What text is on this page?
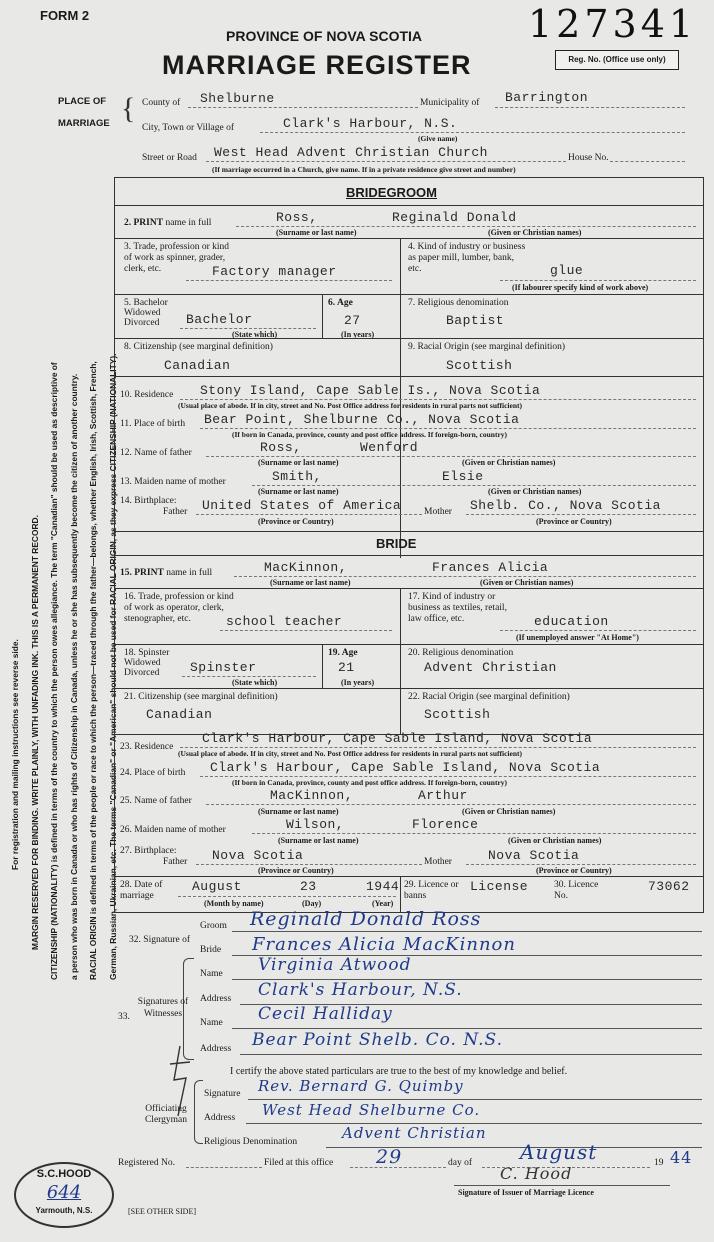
FORM 2
PROVINCE OF NOVA SCOTIA
MARRIAGE REGISTER
127341
Reg. No. (Office use only)
PLACE OF
MARRIAGE { County of Shelburne	Municipality of Barrington
City, Town or Village of	Clark's Harbour, N.S.
(Give name)
Street or Road West Head Advent Christian Church	House No.
(If marriage occurred in a Church, give name. If in a private residence give street and number)
For registration and mailing instructions see reverse side.	MARGIN RESERVED FOR BINDING. WRITE PLAINLY, WITH UNFADING INK. THIS IS A PERMANENT RECORD.	CITIZENSHIP (NATIONALITY) is defined in terms of the country to which the person owes allegiance. The term "Canadian" should be used as descriptive of	a person who was born in Canada or who has rights of Citizenship in Canada, unless he or she has subsequently become the citizen of another country.	RACIAL ORIGIN is defined in terms of the people or race to which the person—traced through the father—belongs, whether English, Irish, Scottish, French,	German, Russian, Ukrainian, etc. The terms "Canadian" or "American" should not be used for RACIAL ORIGIN, as they express CITIZENSHIP (NATIONALITY).
BRIDEGROOM
2. PRINT name in full	Ross,	Reginald Donald
(Surname or last name)	(Given or Christian names)
3. Trade, profession or kind of work as spinner, grader, clerk, etc.	Factory manager
4. Kind of industry or business as paper mill, lumber, bank, etc.	glue
(If labourer specify kind of work above)
5. Bachelor Widowed Divorced	Bachelor
(State which)
6. Age
27
(In years)
7. Religious denomination
Baptist
8. Citizenship (see marginal definition)
Canadian
9. Racial Origin (see marginal definition)
Scottish
10. Residence Stony Island, Cape Sable Is., Nova Scotia
(Usual place of abode. If in city, street and No. Post Office address for residents in rural parts not sufficient)
11. Place of birth Bear Point, Shelburne Co., Nova Scotia
(If born in Canada, province, county and post office address. If foreign-born, country)
12. Name of father	Ross,	Wenford
(Surname or last name)	(Given or Christian names)
13. Maiden name of mother	Smith,	Elsie
(Surname or last name)	(Given or Christian names)
14. Birthplace:
Father United States of America Mother Shelb. Co., Nova Scotia
(Province or Country)	(Province or Country)
BRIDE
15. PRINT name in full	MacKinnon,	Frances Alicia
(Surname or last name)	(Given or Christian names)
16. Trade, profession or kind of work as operator, clerk, stenographer, etc.	school teacher
17. Kind of industry or business as textiles, retail, law office, etc.	education
(If unemployed answer "At Home")
18. Spinster Widowed Divorced	Spinster
(State which)
19. Age
21
(In years)
20. Religious denomination
Advent Christian
21. Citizenship (see marginal definition)
Canadian
22. Racial Origin (see marginal definition)
Scottish
23. Residence
Clark's Harbour, Cape Sable Island, Nova Scotia
(Usual place of abode. If in city, street and No. Post Office address for residents in rural parts not sufficient)
24. Place of birth Clark's Harbour, Cape Sable Island, Nova Scotia
(If born in Canada, province, county and post office address. If foreign-born, country)
25. Name of father	MacKinnon,	Arthur
(Surname or last name)	(Given or Christian names)
26. Maiden name of mother	Wilson,	Florence
(Surname or last name)	(Given or Christian names)
27. Birthplace:
Father Nova Scotia	Mother	Nova Scotia
(Province or Country)	(Province or Country)
28. Date of marriage
August	23	1944
(Month by name)	(Day)	(Year)
29. Licence or banns
License	30. Licence No.
73062
32. Signature of
Groom Reginald Donald Ross
Bride Frances Alicia MacKinnon
33.
Signatures of Witnesses
Name Virginia Atwood
Address Clark's Harbour, N.S.
Name Cecil Halliday
Address Bear Point Shelb. Co. N.S.
I certify the above stated particulars are true to the best of my knowledge and belief.
Officiating Clergyman
Signature Rev. Bernard G. Quimby
Address West Head Shelburne Co.
Religious Denomination	Advent Christian
Registered No.	Filed at this office 29	day of August	19 44
C. Hood
Signature of Issuer of Marriage Licence
S.C.HOOD
644
Yarmouth, N.S.	[SEE OTHER SIDE]
